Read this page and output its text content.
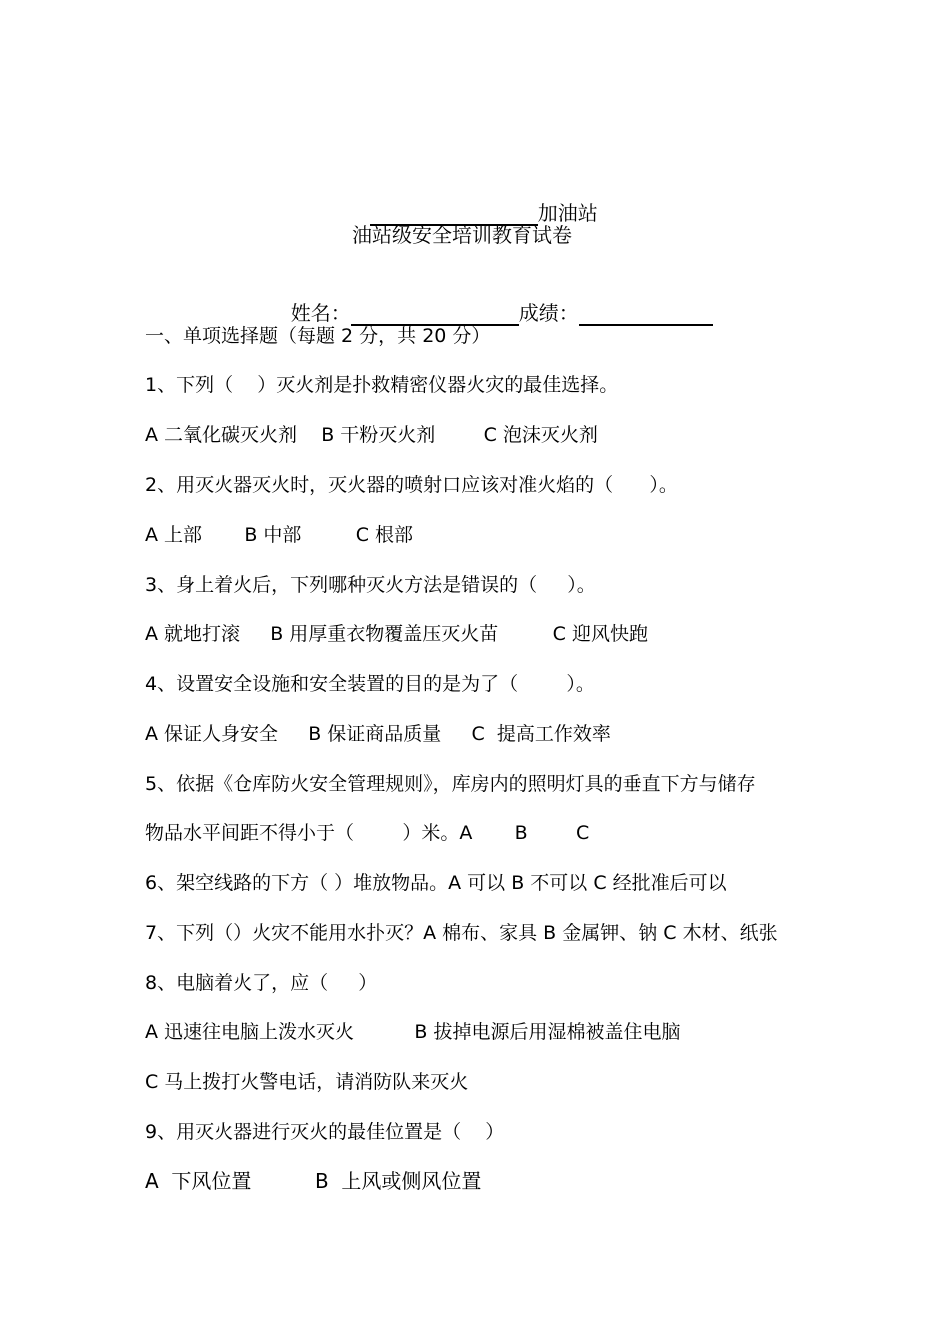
加油站

油站级安全培训教育试卷

姓名：	成绩：

一、单项选择题（每题 2 分，共 20 分）
1、下列（    ）灭火剂是扑救精密仪器火灾的最佳选择。
A 二氧化碳灭火剂    B 干粉灭火剂        C 泡沫灭火剂
2、用灭火器灭火时，灭火器的喷射口应该对准火焰的（      ）。
A 上部       B 中部         C 根部
3、身上着火后，下列哪种灭火方法是错误的（     ）。
A 就地打滚     B 用厚重衣物覆盖压灭火苗         C 迎风快跑
4、设置安全设施和安全装置的目的是为了（        ）。
A 保证人身安全     B 保证商品质量     C  提高工作效率
5、依据《仓库防火安全管理规则》，库房内的照明灯具的垂直下方与储存
物品水平间距不得小于（        ）米。A       B        C
6、架空线路的下方（ ）堆放物品。A 可以 B 不可以 C 经批准后可以
7、下列（）火灾不能用水扑灭？A 棉布、家具 B 金属钾、钠 C 木材、纸张
8、电脑着火了，应（     ）
A 迅速往电脑上泼水灭火          B 拔掉电源后用湿棉被盖住电脑
C 马上拨打火警电话，请消防队来灭火
9、用灭火器进行灭火的最佳位置是（    ）
A  下风位置          B  上风或侧风位置
